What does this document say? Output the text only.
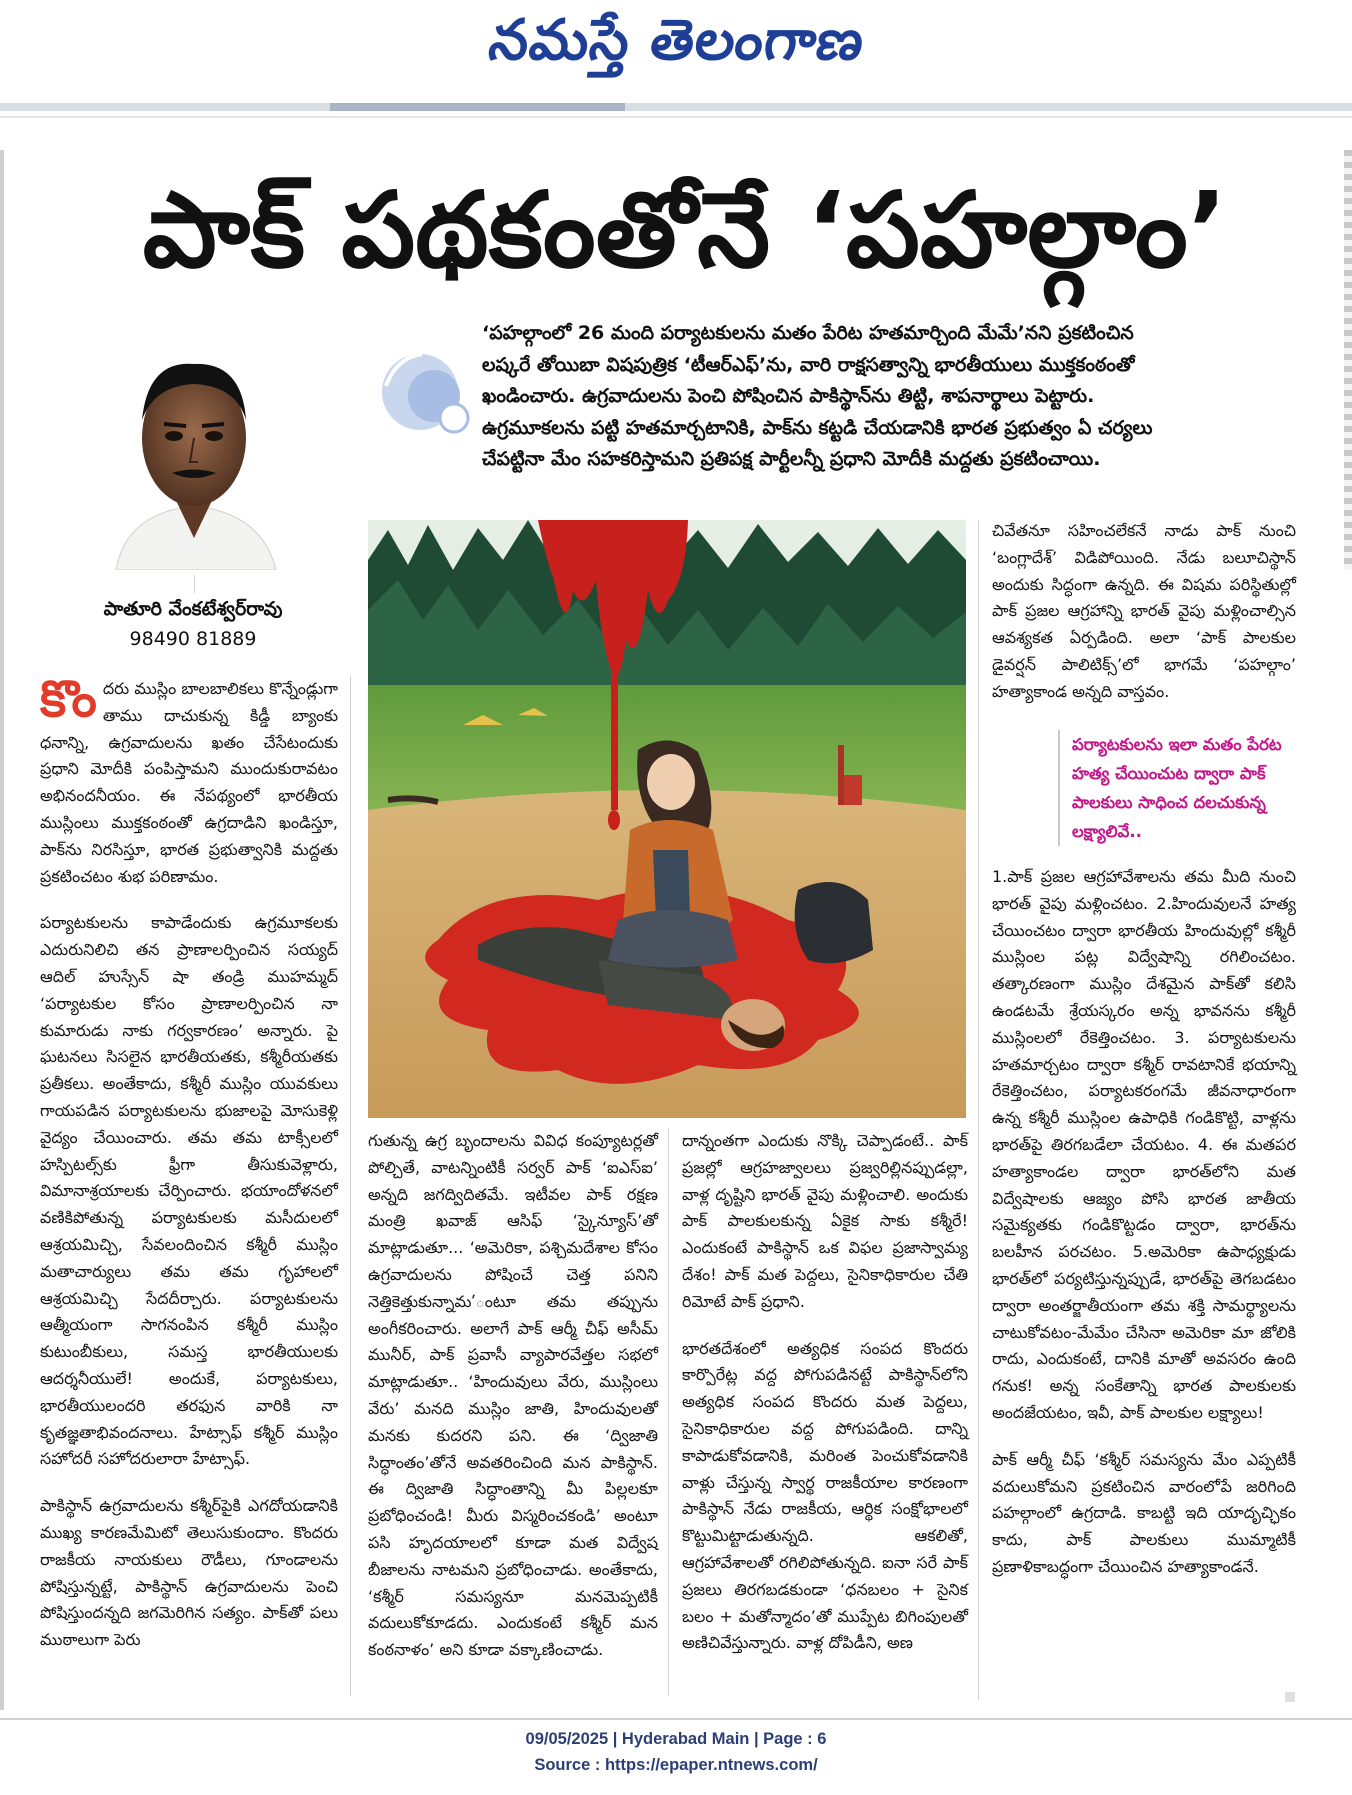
నమస్తే తెలంగాణ
పాక్ పథకంతోనే ‘పహల్గాం’
పాతూరి వేంకటేశ్వర్‌రావు
98490 81889
‘పహల్గాంలో 26 మంది పర్యాటకులను మతం పేరిట హతమార్చింది మేమే’నని ప్రకటించిన
లష్కరే తోయిబా విషపుత్రిక ‘టీఆర్‌ఎఫ్’ను, వారి రాక్షసత్వాన్ని భారతీయులు ముక్తకంఠంతో
ఖండించారు. ఉగ్రవాదులను పెంచి పోషించిన పాకిస్థాన్‌ను తిట్టి, శాపనార్థాలు పెట్టారు.
ఉగ్రమూకలను పట్టి హతమార్చటానికి, పాక్‌ను కట్టడి చేయడానికి భారత ప్రభుత్వం ఏ చర్యలు
చేపట్టినా మేం సహకరిస్తామని ప్రతిపక్ష పార్టీలన్నీ ప్రధాని మోదీకి మద్దతు ప్రకటించాయి.

కొం దరు ముస్లిం బాలబాలికలు కొన్నేండ్లుగా తాము దాచుకున్న కిడ్డీ బ్యాంకు ధనాన్ని, ఉగ్రవాదులను ఖతం చేసేటందుకు ప్రధాని మోదీకి పంపిస్తామని ముందుకురావటం అభినందనీయం. ఈ నేపథ్యంలో భారతీయ ముస్లింలు ముక్తకంఠంతో ఉగ్రదాడిని ఖండిస్తూ, పాక్‌ను నిరసిస్తూ, భారత ప్రభుత్వానికి మద్దతు ప్రకటించటం శుభ పరిణామం.

పర్యాటకులను కాపాడేందుకు ఉగ్రమూకలకు ఎదురునిలిచి తన ప్రాణాలర్పించిన సయ్యద్ ఆదిల్ హుస్సేన్ షా తండ్రి ముహమ్మద్ ‘పర్యాటకుల కోసం ప్రాణాలర్పించిన నా కుమారుడు నాకు గర్వకారణం’ అన్నారు. పై ఘటనలు సిసలైన భారతీయతకు, కశ్మీరీయతకు ప్రతీకలు. అంతేకాదు, కశ్మీరీ ముస్లిం యువకులు గాయపడిన పర్యాటకులను భుజాలపై మోసుకెళ్లి వైద్యం చేయించారు. తమ తమ టాక్సీలలో హస్పిటల్స్‌కు ఫ్రీగా తీసుకువెళ్లారు, విమానాశ్రయాలకు చేర్పించారు. భయాందోళనలో వణికిపోతున్న పర్యాటకులకు మసీదులలో ఆశ్రయమిచ్చి, సేవలందించిన కశ్మీరీ ముస్లిం మతాచార్యులు తమ తమ గృహాలలో ఆశ్రయమిచ్చి సేదదీర్చారు. పర్యాటకులను ఆత్మీయంగా సాగనంపిన కశ్మీరీ ముస్లిం కుటుంబీకులు, సమస్త భారతీయులకు ఆదర్శనీయులే! అందుకే, పర్యాటకులు, భారతీయులందరి తరఫున వారికి నా కృతజ్ఞతాభివందనాలు. హేట్సాఫ్ కశ్మీర్ ముస్లిం సహోదరీ సహోదరులారా హేట్సాఫ్.

పాకిస్థాన్ ఉగ్రవాదులను కశ్మీర్‌పైకి ఎగదోయడానికి ముఖ్య కారణమేమిటో తెలుసుకుందాం. కొందరు రాజకీయ నాయకులు రౌడీలు, గూండాలను పోషిస్తున్నట్టే, పాకిస్థాన్ ఉగ్రవాదులను పెంచి పోషిస్తుందన్నది జగమెరిగిన సత్యం. పాక్‌తో పలు ముఠాలుగా పెరు

గుతున్న ఉగ్ర బృందాలను వివిధ కంప్యూటర్లతో పోల్చితే, వాటన్నింటికీ సర్వర్ పాక్ ‘ఐఎస్ఐ’ అన్నది జగద్విదితమే. ఇటీవల పాక్ రక్షణ మంత్రి ఖవాజ్ ఆసిఫ్ ‘స్కైన్యూస్’తో మాట్లాడుతూ... ‘అమెరికా, పశ్చిమదేశాల కోసం ఉగ్రవాదులను పోషించే చెత్త పనిని నెత్తికెత్తుకున్నామ’ంటూ తమ తప్పును అంగీకరించారు. అలాగే పాక్ ఆర్మీ చీఫ్ అసీమ్ మునీర్, పాక్ ప్రవాసీ వ్యాపారవేత్తల సభలో మాట్లాడుతూ.. ‘హిందువులు వేరు, ముస్లింలు వేరు’ మనది ముస్లిం జాతి, హిందువులతో మనకు కుదరని పని. ఈ ‘ద్విజాతి సిద్ధాంతం’తోనే అవతరించింది మన పాకిస్థాన్. ఈ ద్విజాతి సిద్ధాంతాన్ని మీ పిల్లలకూ ప్రబోధించండి! మీరు విస్మరించకండి’ అంటూ పసి హృదయాలలో కూడా మత విద్వేష బీజాలను నాటమని ప్రబోధించాడు. అంతేకాదు, ‘కశ్మీర్ సమస్యనూ మనమెప్పటికీ వదులుకోకూడదు. ఎందుకంటే కశ్మీర్ మన కంఠనాళం’ అని కూడా వక్కాణించాడు.

దాన్నంతగా ఎందుకు నొక్కి చెప్పాడంటే.. పాక్ ప్రజల్లో ఆగ్రహజ్వాలలు ప్రజ్వరిల్లినప్పుడల్లా, వాళ్ల దృష్టిని భారత్ వైపు మళ్లించాలి. అందుకు పాక్ పాలకులకున్న ఏకైక సాకు కశ్మీరే! ఎందుకంటే పాకిస్థాన్ ఒక విఫల ప్రజాస్వామ్య దేశం! పాక్ మత పెద్దలు, సైనికాధికారుల చేతి రిమోటే పాక్ ప్రధాని.

భారతదేశంలో అత్యధిక సంపద కొందరు కార్పొరేట్ల వద్ద పోగుపడినట్టే పాకిస్థాన్‌లోని అత్యధిక సంపద కొందరు మత పెద్దలు, సైనికాధికారుల వద్ద పోగుపడింది. దాన్ని కాపాడుకోవడానికి, మరింత పెంచుకోవడానికి వాళ్లు చేస్తున్న స్వార్థ రాజకీయాల కారణంగా పాకిస్థాన్ నేడు రాజకీయ, ఆర్థిక సంక్షోభాలలో కొట్టుమిట్టాడుతున్నది. ఆకలితో, ఆగ్రహావేశాలతో రగిలిపోతున్నది. ఐనా సరే పాక్ ప్రజలు తిరగబడకుండా ‘ధనబలం + సైనిక బలం + మతోన్మాదం’తో ముప్పేట బిగింపులతో అణిచివేస్తున్నారు. వాళ్ల దోపిడీని, అణ

చివేతనూ సహించలేకనే నాడు పాక్ నుంచి ‘బంగ్లాదేశ్’ విడిపోయింది. నేడు బలూచిస్థాన్ అందుకు సిద్ధంగా ఉన్నది. ఈ విషమ పరిస్థితుల్లో పాక్ ప్రజల ఆగ్రహాన్ని భారత్ వైపు మళ్లించాల్సిన ఆవశ్యకత ఏర్పడింది. అలా ‘పాక్ పాలకుల డైవర్షన్ పాలిటిక్స్’లో భాగమే ‘పహల్గాం’ హత్యాకాండ అన్నది వాస్తవం.

పర్యాటకులను ఇలా మతం పేరట హత్య చేయించుట ద్వారా పాక్ పాలకులు సాధించ దలచుకున్న లక్ష్యాలివే..

1.పాక్ ప్రజల ఆగ్రహావేశాలను తమ మీది నుంచి భారత్ వైపు మళ్లించటం. 2.హిందువులనే హత్య చేయించటం ద్వారా భారతీయ హిందువుల్లో కశ్మీరీ ముస్లింల పట్ల విద్వేషాన్ని రగిలించటం. తత్కారణంగా ముస్లిం దేశమైన పాక్‌తో కలిసి ఉండటమే శ్రేయస్కరం అన్న భావనను కశ్మీరీ ముస్లింలలో రేకెత్తించటం. 3. పర్యాటకులను హతమార్చటం ద్వారా కశ్మీర్ రావటానికే భయాన్ని రేకెత్తించటం, పర్యాటకరంగమే జీవనాధారంగా ఉన్న కశ్మీరీ ముస్లింల ఉపాధికి గండికొట్టి, వాళ్లను భారత్‌పై తిరగబడేలా చేయటం. 4. ఈ మతపర హత్యాకాండల ద్వారా భారత్‌లోని మత విద్వేషాలకు ఆజ్యం పోసి భారత జాతీయ సమైక్యతకు గండికొట్టడం ద్వారా, భారత్‌ను బలహీన పరచటం. 5.అమెరికా ఉపాధ్యక్షుడు భారత్‌లో పర్యటిస్తున్నప్పుడే, భారత్‌పై తెగబడటం ద్వారా అంతర్జాతీయంగా తమ శక్తి సామర్థ్యాలను చాటుకోవటం-మేమేం చేసినా అమెరికా మా జోలికి రాదు, ఎందుకంటే, దానికి మాతో అవసరం ఉంది గనుక! అన్న సంకేతాన్ని భారత పాలకులకు అందజేయటం, ఇవీ, పాక్ పాలకుల లక్ష్యాలు!

పాక్ ఆర్మీ చీఫ్ ‘కశ్మీర్ సమస్యను మేం ఎప్పటికీ వదులుకోమని ప్రకటించిన వారంలోపే జరిగింది పహల్గాంలో ఉగ్రదాడి. కాబట్టి ఇది యాదృచ్ఛికం కాదు, పాక్ పాలకులు ముమ్మాటికీ ప్రణాళికాబద్ధంగా చేయించిన హత్యాకాండనే.

09/05/2025 | Hyderabad Main | Page : 6
Source : https://epaper.ntnews.com/
